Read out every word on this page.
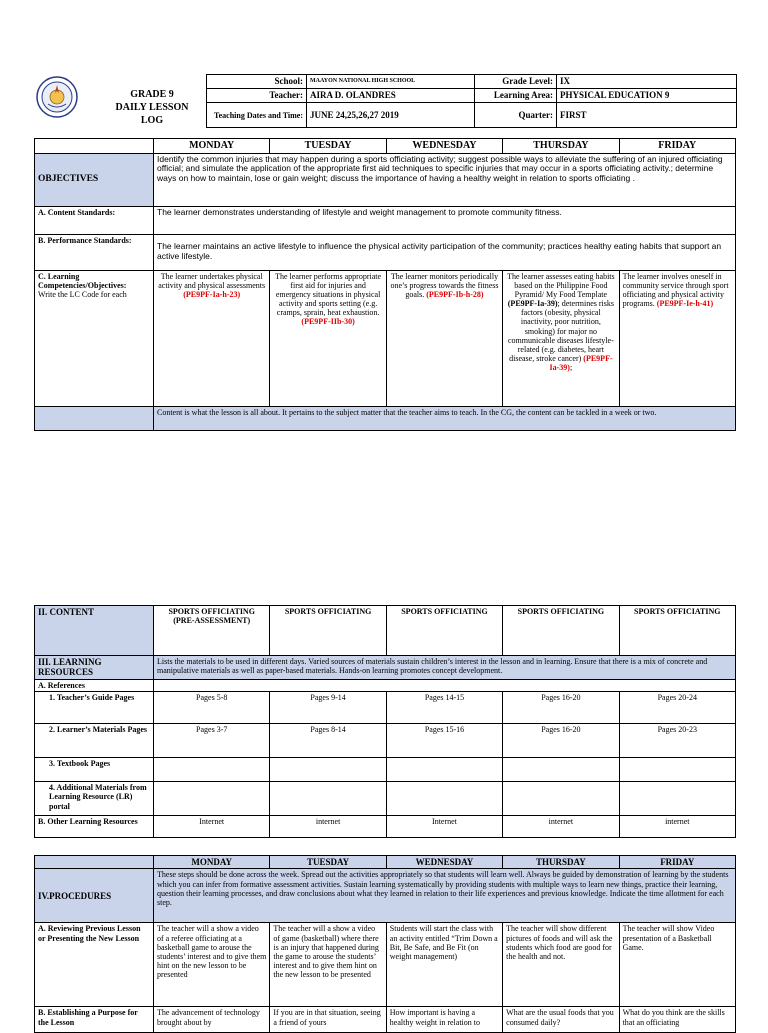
GRADE 9
DAILY LESSON
LOG
School:	MAAYON NATIONAL HIGH SCHOOL	Grade Level:	IX
Teacher:	AIRA D. OLANDRES	Learning Area:	PHYSICAL EDUCATION 9
Teaching Dates and Time:	JUNE 24,25,26,27 2019	Quarter:	FIRST
	MONDAY	TUESDAY	WEDNESDAY	THURSDAY	FRIDAY
OBJECTIVES	Identify the common injuries that may happen during a sports officiating activity; suggest possible ways to alleviate the suffering of an injured officiating official; and simulate the application of the appropriate first aid techniques to specific injuries that may occur in a sports officiating activity.; determine ways on how to maintain, lose or gain weight; discuss the importance of having a healthy weight in relation to sports officiating .				
A. Content Standards:	The learner demonstrates understanding of lifestyle and weight management to promote community fitness.				
B. Performance Standards:	The learner maintains an active lifestyle to influence the physical activity participation of the community; practices healthy eating habits that support an active lifestyle.				

C. Learning Competencies/Objectives:
Write the LC Code for each	The learner undertakes physical activity and physical assessments (PE9PF-Ia-h-23)	The learner performs appropriate first aid for injuries and emergency situations in physical activity and sports setting (e.g. cramps, sprain, heat exhaustion. (PE9PF-IIb-30)	The learner monitors periodically one’s progress towards the fitness goals. (PE9PF-Ib-h-28)	The learner assesses eating habits based on the Philippine Food Pyramid/ My Food Template (PE9PF-Ia-39); determines risks factors (obesity, physical inactivity, poor nutrition, smoking) for major no communicable diseases lifestyle- related (e.g. diabetes, heart disease, stroke cancer) (PE9PF-Ia-39);	The learner involves oneself in community service through sport officiating and physical activity programs. (PE9PF-Ie-h-41)
	Content is what the lesson is all about. It pertains to the subject matter that the teacher aims to teach. In the CG, the content can be tackled in a week or two.				
II. CONTENT	SPORTS OFFICIATING (PRE-ASSESSMENT)	SPORTS OFFICIATING	SPORTS OFFICIATING	SPORTS OFFICIATING	SPORTS OFFICIATING
III. LEARNING RESOURCES	Lists the materials to be used in different days. Varied sources of materials sustain children’s interest in the lesson and in learning. Ensure that there is a mix of concrete and manipulative materials as well as paper-based materials. Hands-on learning promotes concept development.				
A. References					
1. Teacher’s Guide Pages	Pages 5-8	Pages 9-14	Pages 14-15	Pages 16-20	Pages 20-24
2. Learner’s Materials Pages	Pages 3-7	Pages 8-14	Pages 15-16	Pages 16-20	Pages 20-23
3. Textbook Pages					
4. Additional Materials from Learning Resource (LR) portal					
B. Other Learning Resources	Internet	internet	Internet	internet	internet
	MONDAY	TUESDAY	WEDNESDAY	THURSDAY	FRIDAY
IV.PROCEDURES	These steps should be done across the week. Spread out the activities appropriately so that students will learn well. Always be guided by demonstration of learning by the students which you can infer from formative assessment activities. Sustain learning systematically by providing students with multiple ways to learn new things, practice their learning, question their learning processes, and draw conclusions about what they learned in relation to their life experiences and previous knowledge. Indicate the time allotment for each step.				
A. Reviewing Previous Lesson or Presenting the New Lesson	The teacher will a show a video of a referee officiating at a basketball game to arouse the students’ interest and to give them hint on the new lesson to be presented	The teacher will a show a video of game (basketball) where there is an injury that happened during the game to arouse the students’ interest and to give them hint on the new lesson to be presented	Students will start the class with an activity entitled “Trim Down a Bit, Be Safe, and Be Fit (on weight management)	The teacher will show different pictures of foods and will ask the students which food are good for the health and not.	The teacher will show Video presentation of a Basketball Game.
B. Establishing a Purpose for the Lesson	The advancement of technology brought about by	If you are in that situation, seeing a friend of yours	How important is having a healthy weight in relation to	What are the usual foods that you consumed daily?	What do you think are the skills that an officiating
